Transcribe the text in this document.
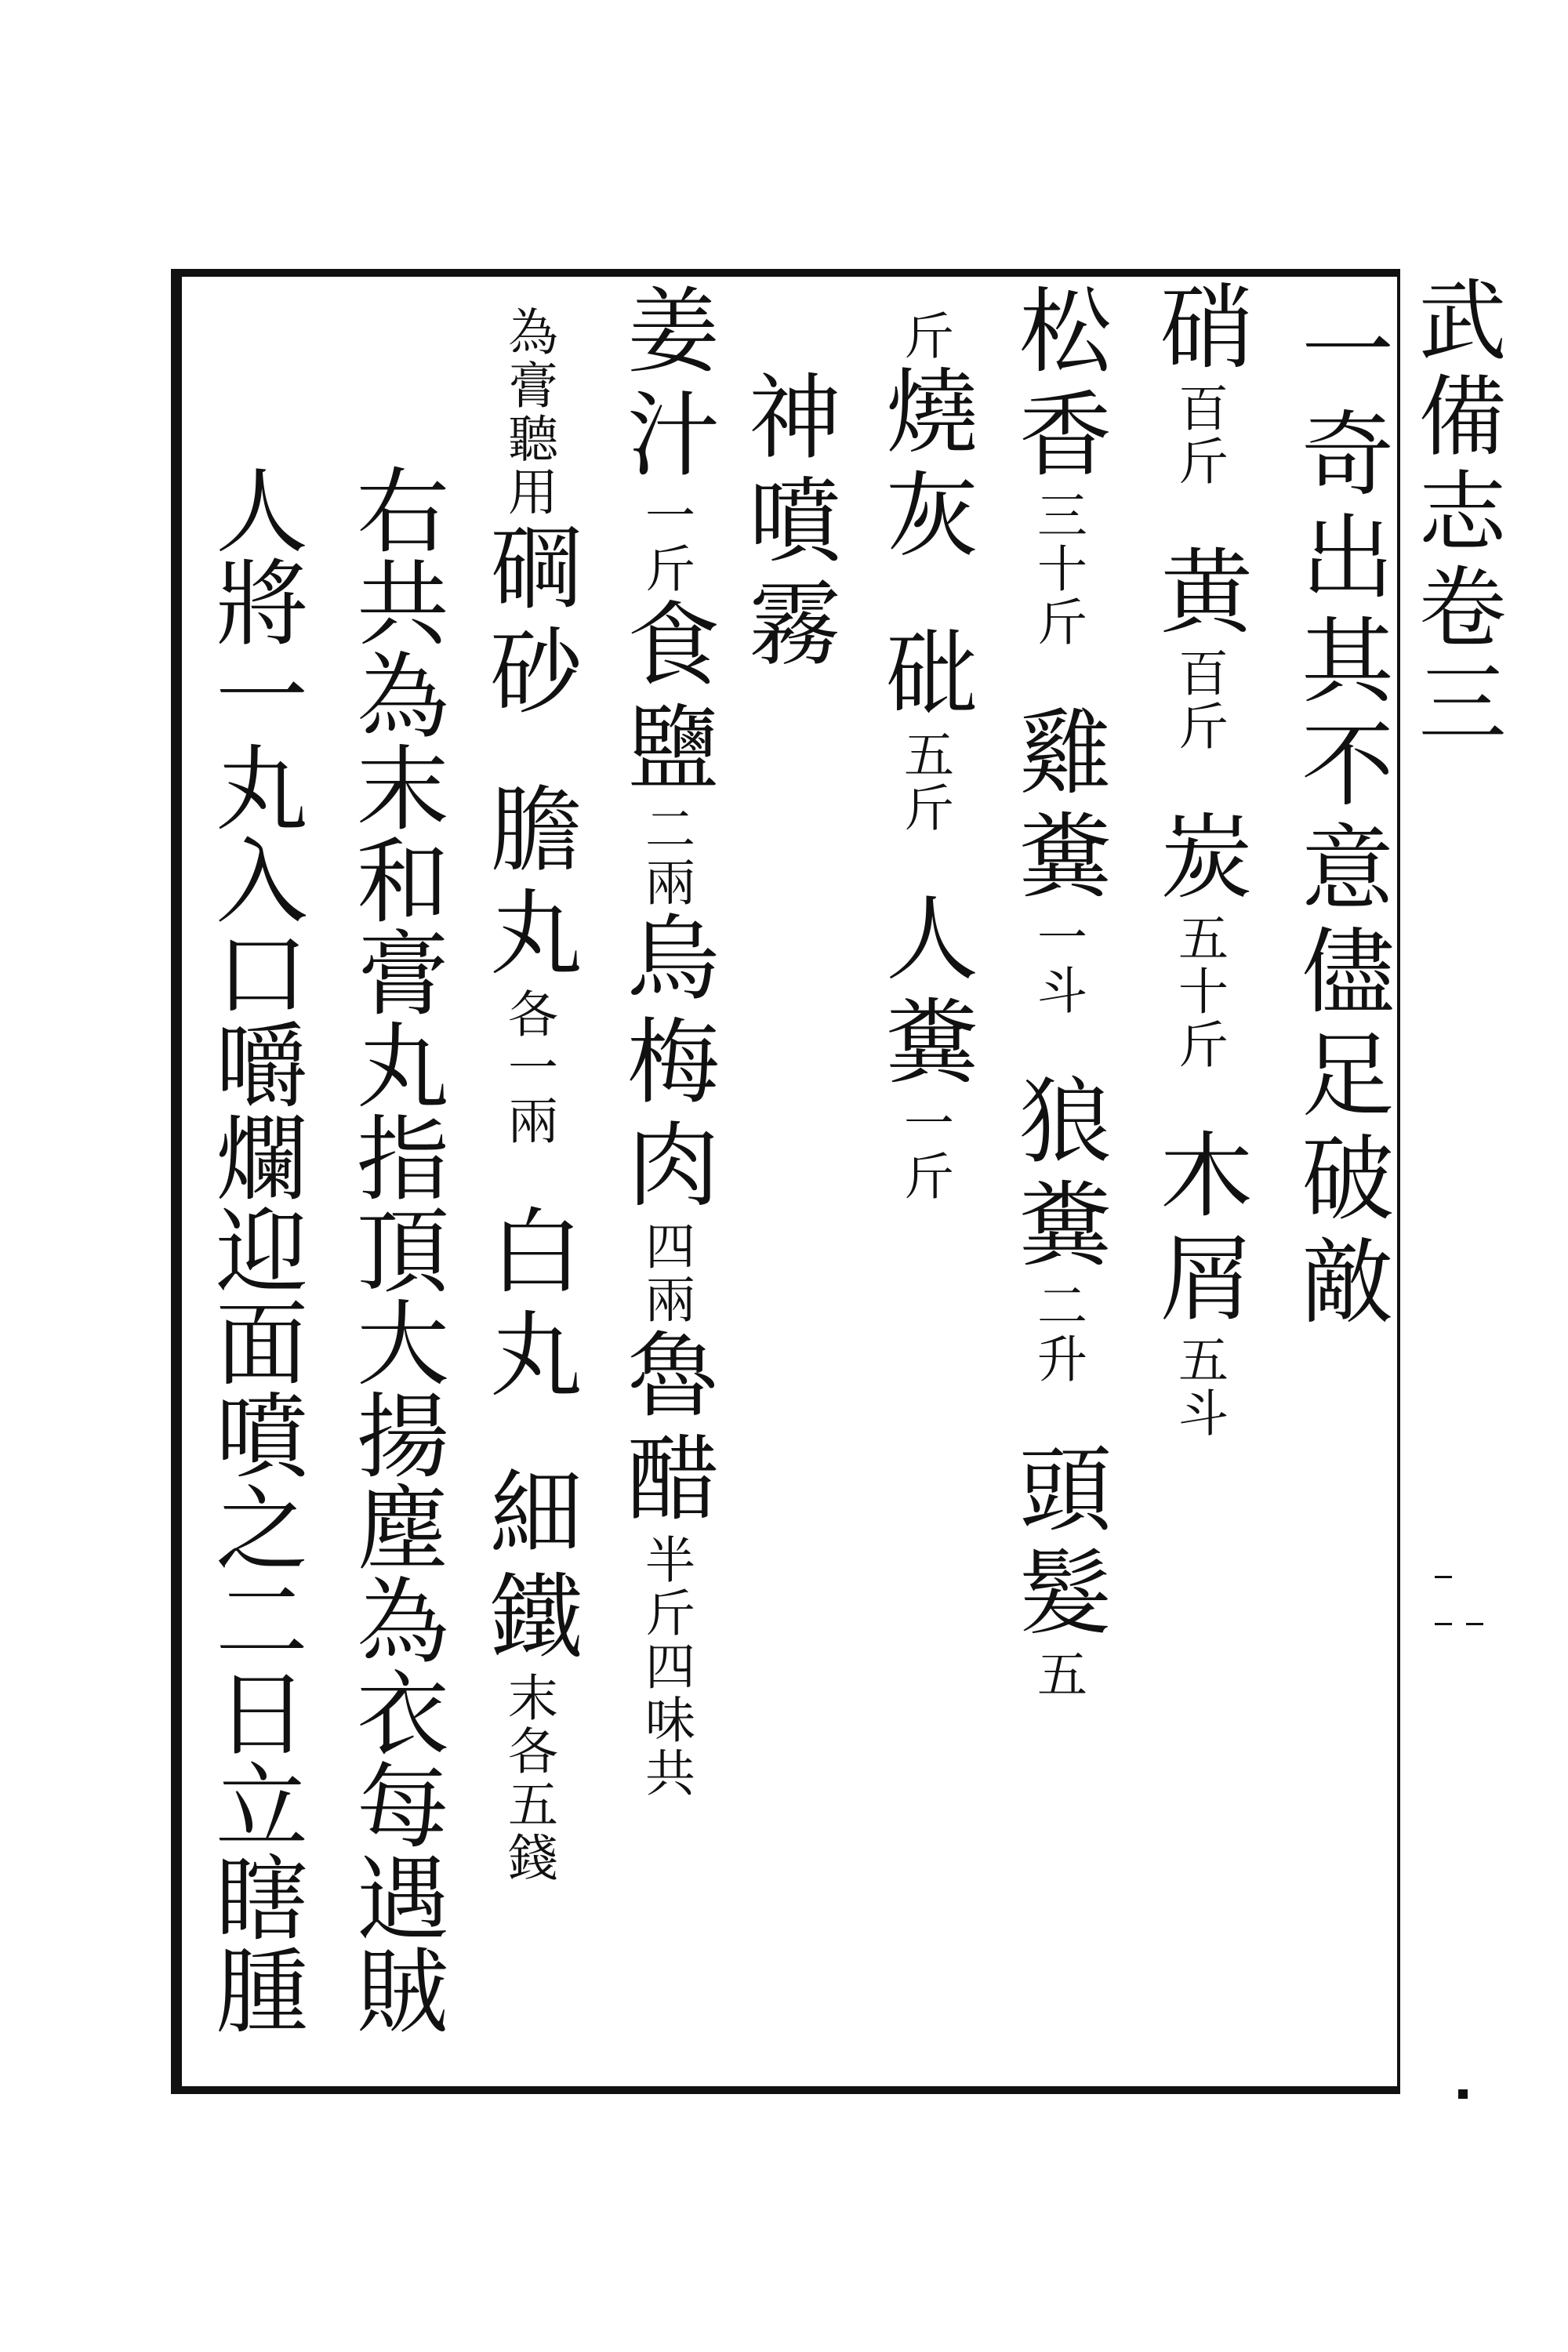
武備志卷三
一奇出其不意儘足破敵
硝百斤黄百斤炭五十斤木屑五斗
松香三十斤雞糞一斗狼糞二升頭髮五
斤燒灰砒五斤人糞一斤
神噴霧
姜汁一斤食鹽二兩烏梅肉四兩魯醋半斤四味共
為膏聽用碙砂膽丸各一兩白丸細鐵末各五錢
右共為末和膏丸指頂大揚塵為衣每遇賊
人將一丸入口嚼爛迎面噴之二日立瞎腫
